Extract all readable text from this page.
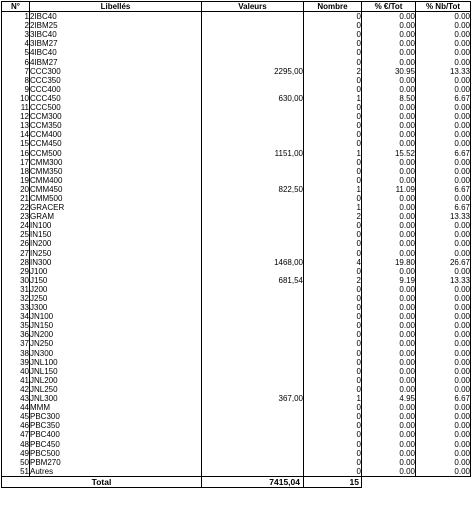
N°	Libellés	Valeurs	Nombre	% €/Tot	% Nb/Tot
1	2IBC40		0	0.00	0.00
2	2IBM25		0	0.00	0.00
3	3IBC40		0	0.00	0.00
4	3IBM27		0	0.00	0.00
5	4IBC40		0	0.00	0.00
6	4IBM27		0	0.00	0.00
7	CCC300	2295,00	2	30.95	13.33
8	CCC350		0	0.00	0.00
9	CCC400		0	0.00	0.00
10	CCC450	630,00	1	8.50	6.67
11	CCC500		0	0.00	0.00
12	CCM300		0	0.00	0.00
13	CCM350		0	0.00	0.00
14	CCM400		0	0.00	0.00
15	CCM450		0	0.00	0.00
16	CCM500	1151,00	1	15.52	6.67
17	CMM300		0	0.00	0.00
18	CMM350		0	0.00	0.00
19	CMM400		0	0.00	0.00
20	CMM450	822,50	1	11.09	6.67
21	CMM500		0	0.00	0.00
22	GRACER		1	0.00	6.67
23	GRAM		2	0.00	13.33
24	IN100		0	0.00	0.00
25	IN150		0	0.00	0.00
26	IN200		0	0.00	0.00
27	IN250		0	0.00	0.00
28	IN300	1468,00	4	19.80	26.67
29	J100		0	0.00	0.00
30	J150	681,54	2	9.19	13.33
31	J200		0	0.00	0.00
32	J250		0	0.00	0.00
33	J300		0	0.00	0.00
34	JN100		0	0.00	0.00
35	JN150		0	0.00	0.00
36	JN200		0	0.00	0.00
37	JN250		0	0.00	0.00
38	JN300		0	0.00	0.00
39	JNL100		0	0.00	0.00
40	JNL150		0	0.00	0.00
41	JNL200		0	0.00	0.00
42	JNL250		0	0.00	0.00
43	JNL300	367,00	1	4.95	6.67
44	MMM		0	0.00	0.00
45	PBC300		0	0.00	0.00
46	PBC350		0	0.00	0.00
47	PBC400		0	0.00	0.00
48	PBC450		0	0.00	0.00
49	PBC500		0	0.00	0.00
50	PBM270		0	0.00	0.00
51	Autres		0	0.00	0.00
Total		7415,04	15		
